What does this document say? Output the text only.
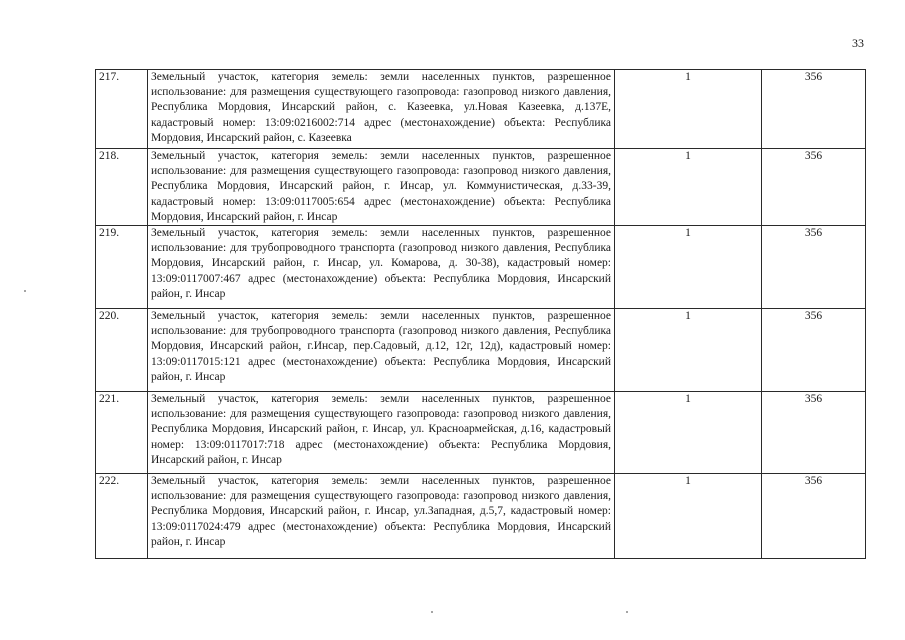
33
217.	Земельный участок, категория земель: земли населенных пунктов, разрешенное использование: для размещения существующего газопровода: газопровод низкого давления, Республика Мордовия, Инсарский район, с. Казеевка, ул.Новая Казеевка, д.137Е, кадастровый номер: 13:09:0216002:714 адрес (местонахождение) объекта: Республика Мордовия, Инсарский район, с. Казеевка	1	356
218.	Земельный участок, категория земель: земли населенных пунктов, разрешенное использование: для размещения существующего газопровода: газопровод низкого давления, Республика Мордовия, Инсарский район, г. Инсар, ул. Коммунистическая, д.33-39, кадастровый номер: 13:09:0117005:654 адрес (местонахождение) объекта: Республика Мордовия, Инсарский район, г. Инсар	1	356
219.	Земельный участок, категория земель: земли населенных пунктов, разрешенное использование: для трубопроводного транспорта (газопровод низкого давления, Республика Мордовия, Инсарский район, г. Инсар, ул. Комарова, д. 30-38), кадастровый номер: 13:09:0117007:467 адрес (местонахождение) объекта: Республика Мордовия, Инсарский район, г. Инсар	1	356
220.	Земельный участок, категория земель: земли населенных пунктов, разрешенное использование: для трубопроводного транспорта (газопровод низкого давления, Республика Мордовия, Инсарский район, г.Инсар, пер.Садовый, д.12, 12г, 12д), кадастровый номер: 13:09:0117015:121 адрес (местонахождение) объекта: Республика Мордовия, Инсарский район, г. Инсар	1	356
221.	Земельный участок, категория земель: земли населенных пунктов, разрешенное использование: для размещения существующего газопровода: газопровод низкого давления, Республика Мордовия, Инсарский район, г. Инсар, ул. Красноармейская, д.16, кадастровый номер: 13:09:0117017:718 адрес (местонахождение) объекта: Республика Мордовия, Инсарский район, г. Инсар	1	356
222.	Земельный участок, категория земель: земли населенных пунктов, разрешенное использование: для размещения существующего газопровода: газопровод низкого давления, Республика Мордовия, Инсарский район, г. Инсар, ул.Западная, д.5,7, кадастровый номер: 13:09:0117024:479 адрес (местонахождение) объекта: Республика Мордовия, Инсарский район, г. Инсар	1	356
